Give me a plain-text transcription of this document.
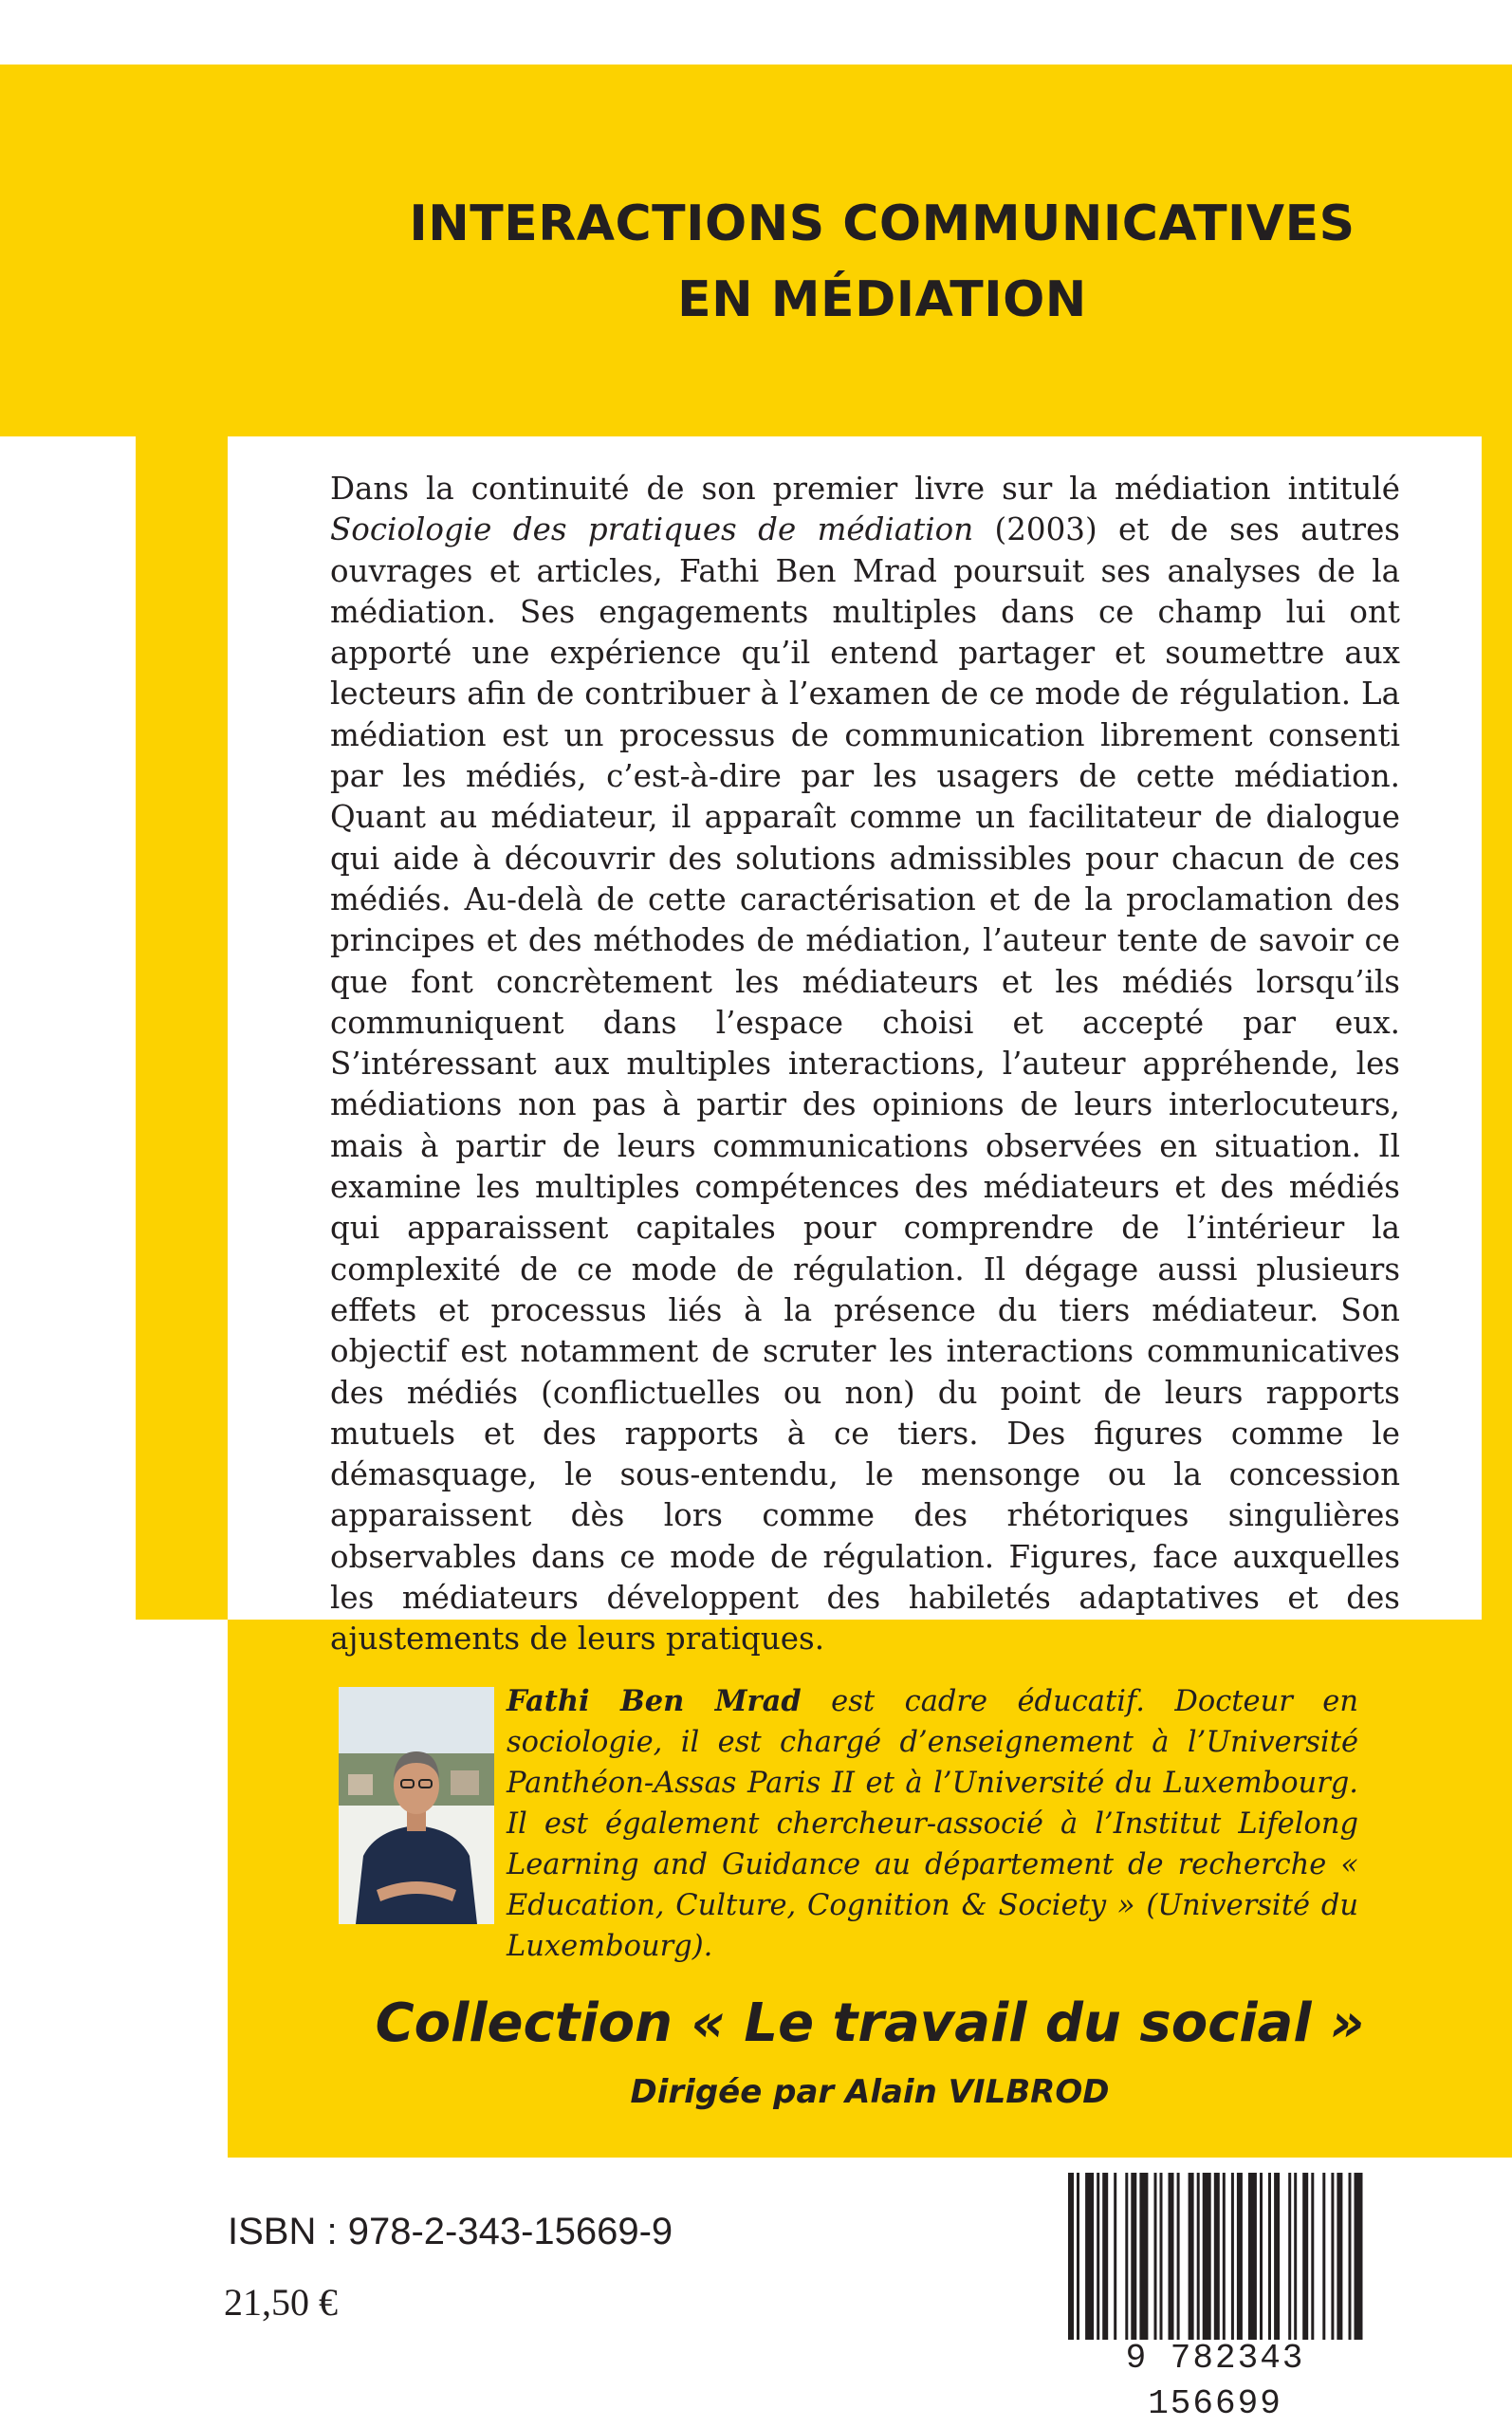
INTERACTIONS COMMUNICATIVES
EN MÉDIATION

Dans la continuité de son premier livre sur la médiation intitulé Sociologie des pratiques de médiation (2003) et de ses autres ouvrages et articles, Fathi Ben Mrad poursuit ses analyses de la médiation. Ses engagements multiples dans ce champ lui ont apporté une expérience qu’il entend partager et soumettre aux lecteurs afin de contribuer à l’examen de ce mode de régulation. La médiation est un processus de communication librement consenti par les médiés, c’est-à-dire par les usagers de cette médiation. Quant au médiateur, il apparaît comme un facilitateur de dialogue qui aide à découvrir des solutions admissibles pour chacun de ces médiés. Au-delà de cette caractérisation et de la proclamation des principes et des méthodes de médiation, l’auteur tente de savoir ce que font concrètement les médiateurs et les médiés lorsqu’ils communiquent dans l’espace choisi et accepté par eux. S’intéressant aux multiples interactions, l’auteur appréhende, les médiations non pas à partir des opinions de leurs interlocuteurs, mais à partir de leurs communications observées en situation. Il examine les multiples compétences des médiateurs et des médiés qui apparaissent capitales pour comprendre de l’intérieur la complexité de ce mode de régulation. Il dégage aussi plusieurs effets et processus liés à la présence du tiers médiateur. Son objectif est notamment de scruter les interactions communicatives des médiés (conflictuelles ou non) du point de leurs rapports mutuels et des rapports à ce tiers. Des figures comme le démasquage, le sous-entendu, le mensonge ou la concession apparaissent dès lors comme des rhétoriques singulières observables dans ce mode de régulation. Figures, face auxquelles les médiateurs développent des habiletés adaptatives et des ajustements de leurs pratiques.

Fathi Ben Mrad est cadre éducatif. Docteur en sociologie, il est chargé d’enseignement à l’Université Panthéon-Assas Paris II et à l’Université du Luxembourg. Il est également chercheur-associé à l’Institut Lifelong Learning and Guidance au département de recherche « Education, Culture, Cognition & Society » (Université du Luxembourg).

Collection « Le travail du social »
Dirigée par Alain VILBROD
ISBN : 978-2-343-15669-9
21,50 €
9 782343 156699
